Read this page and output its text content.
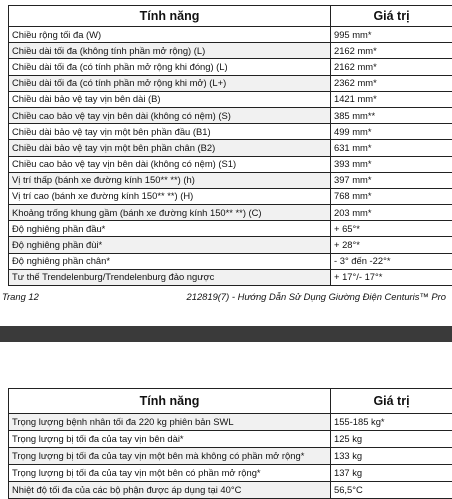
Tính năng	Giá trị
Chiều rộng tối đa (W)	995 mm*
Chiều dài tối đa (không tính phần mở rộng) (L)	2162 mm*
Chiều dài tối đa (có tính phần mở rộng khi đóng) (L)	2162 mm*
Chiều dài tối đa (có tính phần mở rộng khi mở) (L+)	2362 mm*
Chiều dài bảo vệ tay vịn bên dài (B)	1421 mm*
Chiều cao bảo vệ tay vịn bên dài (không có nệm) (S)	385 mm**
Chiều dài bảo vệ tay vịn một bên phần đầu (B1)	499 mm*
Chiều dài bảo vệ tay vịn một bên phần chân (B2)	631 mm*
Chiều cao bảo vệ tay vịn bên dài (không có nệm) (S1)	393 mm*
Vị trí thấp (bánh xe đường kính 150** **) (h)	397 mm*
Vị trí cao (bánh xe đường kính 150** **) (H)	768 mm*
Khoảng trống khung gầm (bánh xe đường kính 150** **) (C)	203 mm*
Độ nghiêng phần đầu*	+ 65°*
Độ nghiêng phần đùi*	+ 28°*
Độ nghiêng phần chân*	- 3° đến -22°*
Tư thế Trendelenburg/Trendelenburg đảo ngược	+ 17°/- 17°*
Trang 12	212819(7) - Hướng Dẫn Sử Dụng Giường Điện Centuris™ Pro
Tính năng	Giá trị
Trọng lượng bệnh nhân tối đa 220 kg phiên bản SWL	155-185 kg*
Trọng lượng bị tối đa của tay vịn bên dài*	125 kg
Trọng lượng bị tối đa của tay vịn một bên mà không có phần mở rộng*	133 kg
Trọng lượng bị tối đa của tay vịn một bên có phần mở rộng*	137 kg
Nhiệt độ tối đa của các bộ phận được áp dụng tại 40°C	56,5°C
